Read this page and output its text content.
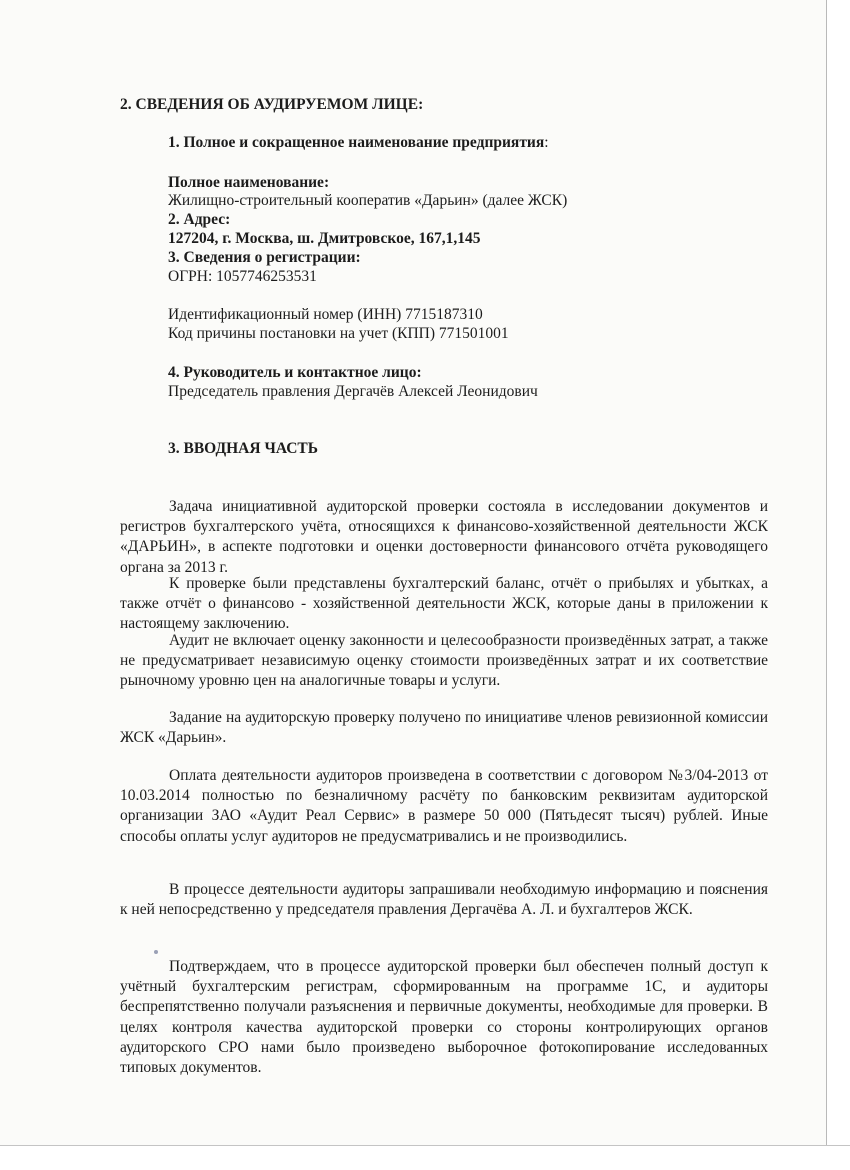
2. СВЕДЕНИЯ ОБ АУДИРУЕМОМ ЛИЦЕ:
1. Полное и сокращенное наименование предприятия:
Полное наименование:
Жилищно-строительный кооператив «Дарьин» (далее ЖСК)
2. Адрес:
127204, г. Москва, ш. Дмитровское, 167,1,145
3. Сведения о регистрации:
ОГРН: 1057746253531
Идентификационный номер (ИНН) 7715187310
Код причины постановки на учет (КПП) 771501001
4. Руководитель и контактное лицо:
Председатель правления Дергачёв Алексей Леонидович
3. ВВОДНАЯ ЧАСТЬ

Задача инициативной аудиторской проверки состояла в исследовании документов и регистров бухгалтерского учёта, относящихся к финансово-хозяйственной деятельности ЖСК «ДАРЬИН», в аспекте подготовки и оценки достоверности финансового отчёта руководящего органа за 2013 г.

К проверке были представлены бухгалтерский баланс, отчёт о прибылях и убытках, а также отчёт о финансово - хозяйственной деятельности ЖСК, которые даны в приложении к настоящему заключению.

Аудит не включает оценку законности и целесообразности произведённых затрат, а также не предусматривает независимую оценку стоимости произведённых затрат и их соответствие рыночному уровню цен на аналогичные товары и услуги.

Задание на аудиторскую проверку получено по инициативе членов ревизионной комиссии ЖСК «Дарьин».

Оплата деятельности аудиторов произведена в соответствии с договором №3/04-2013 от 10.03.2014 полностью по безналичному расчёту по банковским реквизитам аудиторской организации ЗАО «Аудит Реал Сервис» в размере 50 000 (Пятьдесят тысяч) рублей. Иные способы оплаты услуг аудиторов не предусматривались и не производились.

В процессе деятельности аудиторы запрашивали необходимую информацию и пояснения к ней непосредственно у председателя правления Дергачёва А. Л. и бухгалтеров ЖСК.

Подтверждаем, что в процессе аудиторской проверки был обеспечен полный доступ к учётный бухгалтерским регистрам, сформированным на программе 1С, и аудиторы беспрепятственно получали разъяснения и первичные документы, необходимые для проверки. В целях контроля качества аудиторской проверки со стороны контролирующих органов аудиторского СРО нами было произведено выборочное фотокопирование исследованных типовых документов.
